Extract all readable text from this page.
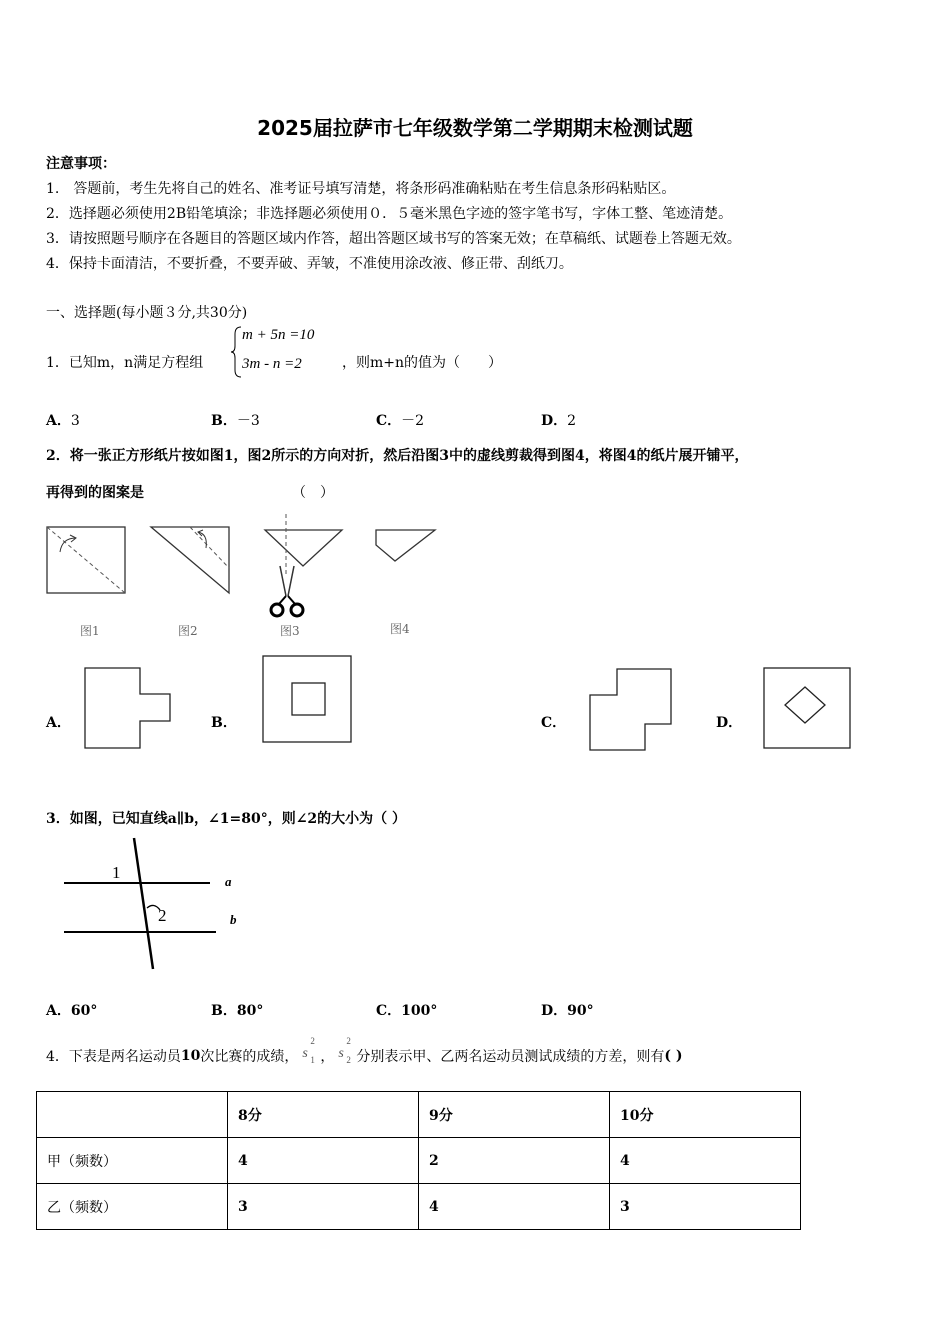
2025届拉萨市七年级数学第二学期期末检测试题
注意事项：
1.　答题前，考生先将自己的姓名、准考证号填写清楚，将条形码准确粘贴在考生信息条形码粘贴区。
2．选择题必须使用2B铅笔填涂；非选择题必须使用０．５毫米黑色字迹的签字笔书写，字体工整、笔迹清楚。
3．请按照题号顺序在各题目的答题区域内作答，超出答题区域书写的答案无效；在草稿纸、试题卷上答题无效。
4．保持卡面清洁，不要折叠，不要弄破、弄皱，不准使用涂改液、修正带、刮纸刀。
一、选择题(每小题３分,共30分)
1．已知m，n满足方程组
m + 5n =10
3m - n =2	，则m+n的值为（　　）
A．3	B．－3	C．－2	D．2
2．将一张正方形纸片按如图1，图2所示的方向对折，然后沿图3中的虚线剪裁得到图4，将图4的纸片展开铺平，
再得到的图案是	（　）
图1	图2	图3	图4
A．	B．	C．	D．
3．如图，已知直线a∥b，∠1=80°，则∠2的大小为（ ）
1
2
a
b
A．60°	B．80°	C．100°	D．90°
4．下表是两名运动员 10 次比赛的成绩， s
2
1 ， s
2
2 分别表示甲、乙两名运动员测试成绩的方差，则有 ( )
	8分	9分	10分
甲（频数）	4	2	4
乙（频数）	3	4	3
